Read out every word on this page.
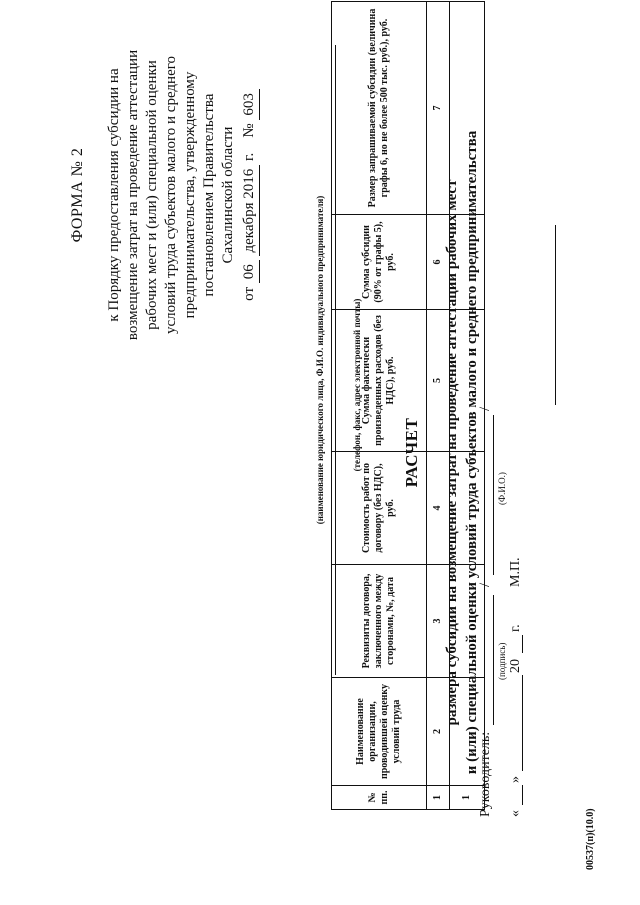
ФОРМА № 2 к Порядку предоставления субсидии на возмещение затрат на проведение аттестации рабочих мест и (или) специальной оценки условий труда субъектов малого и среднего предпринимательства, утвержденному постановлением Правительства Сахалинской области
от 06 декабря 2016 г.    № 603
РАСЧЕТ размера субсидии на возмещение затрат на проведение аттестации рабочих мест и (или) специальной оценки условий труда субъектов малого и среднего предпринимательства
(наименование юридического лица, Ф.И.О. индивидуального предпринимателя)	(телефон, факс, адрес электронной почты)
№ пп.	Наименование организации, проводившей оценку условий труда	Реквизиты договора, заключенного между сторонами, №, дата	Стоимость работ по договору (без НДС), руб.	Сумма фактически произведенных расходов (без НДС), руб.	Сумма субсидии (90% от графы 5), руб.	Размер запрашиваемой субсидии (величина графы 6, но не более 500 тыс. руб.), руб.
1	2	3	4	5	6	7
1						Руководитель:
/
/
(подпись)
(Ф.И.О.)
«
»
20
г.
М.П.
00537(п)(10.0)
